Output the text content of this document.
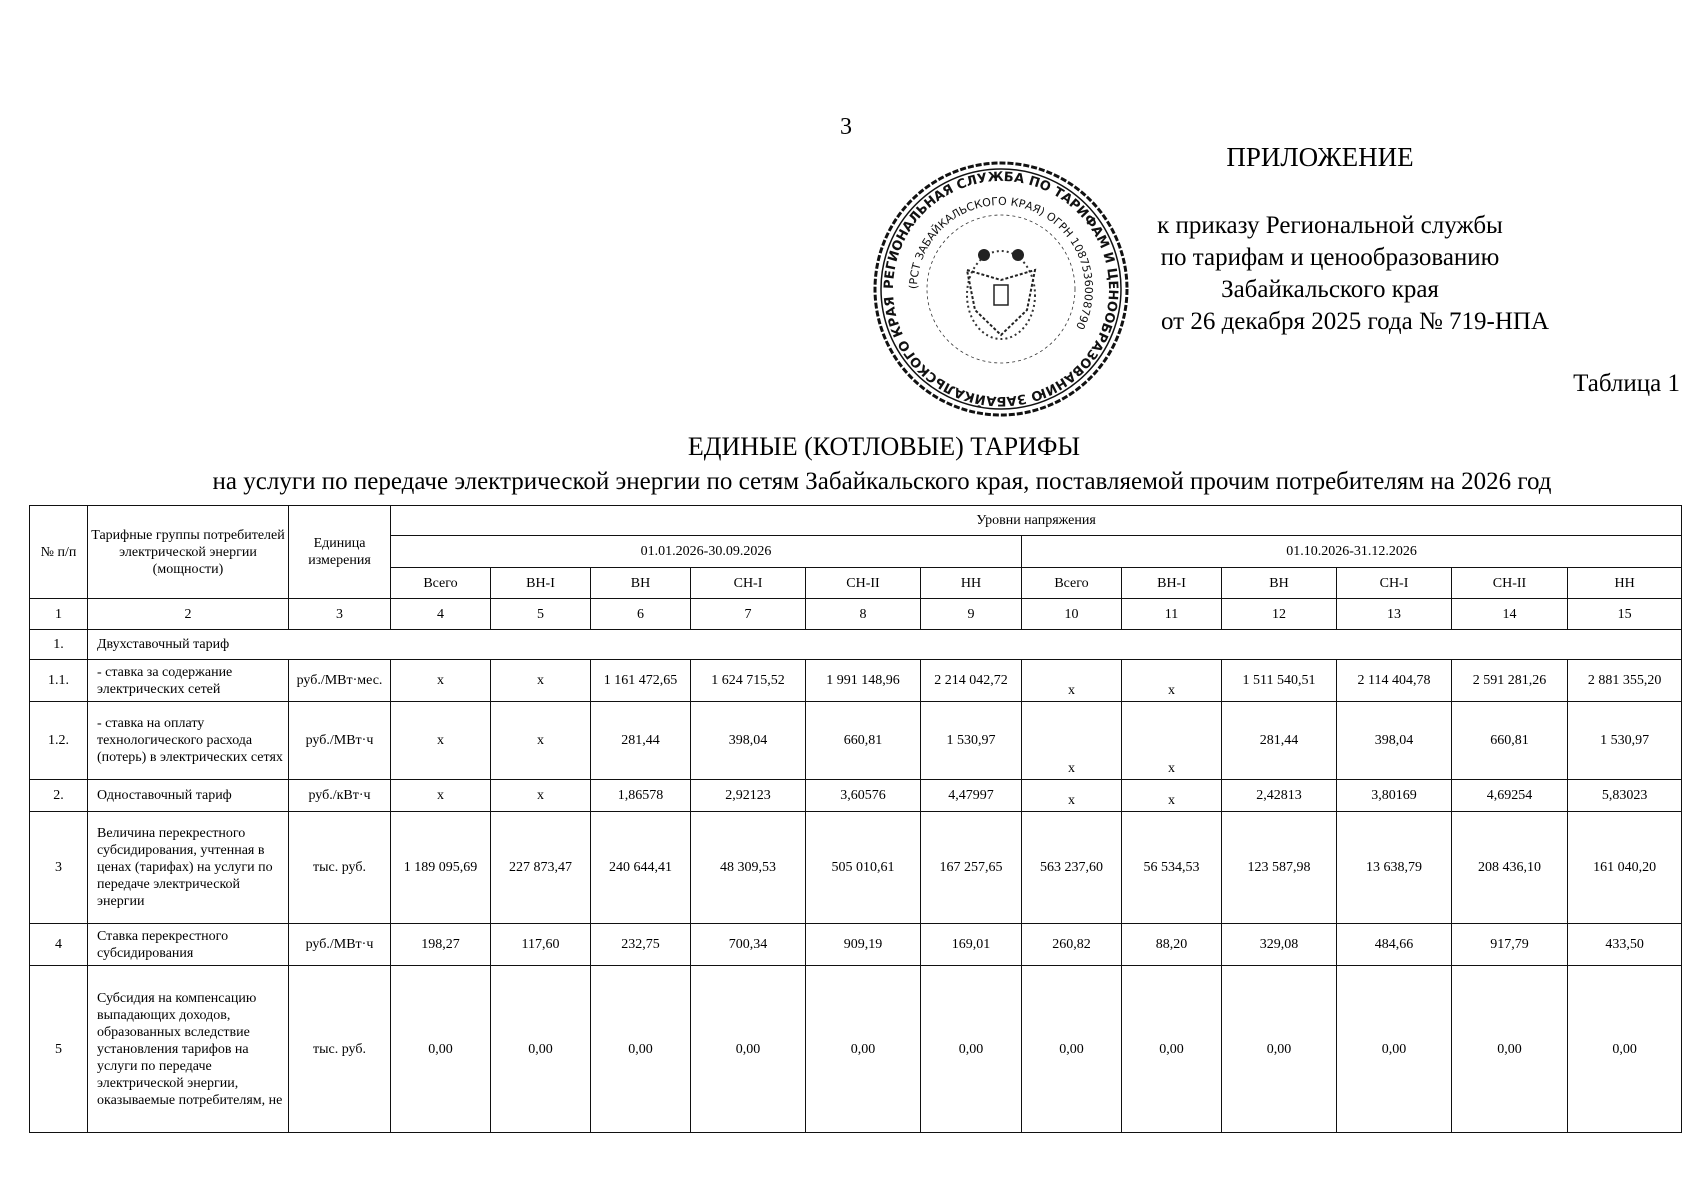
3
ПРИЛОЖЕНИЕ
к приказу Региональной службы
по тарифам и ценообразованию
Забайкальского края
от 26 декабря 2025 года № 719-НПА
Таблица 1
РЕГИОНАЛЬНАЯ СЛУЖБА ПО ТАРИФАМ И ЦЕНООБРАЗОВАНИЮ ЗАБАЙКАЛЬСКОГО КРАЯ
(РСТ ЗАБАЙКАЛЬСКОГО КРАЯ) ОГРН 1087536008790
ЕДИНЫЕ (КОТЛОВЫЕ) ТАРИФЫ
на услуги по передаче электрической энергии по сетям Забайкальского края, поставляемой прочим потребителям на 2026 год
№ п/п	Тарифные группы потребителей электрической энергии (мощности)	Единица измерения	Уровни напряжения											
			01.01.2026-30.09.2026						01.10.2026-31.12.2026					
			Всего	ВН-I	ВН	СН-I	СН-II	НН	Всего	ВН-I	ВН	СН-I	СН-II	НН
1	2	3	4	5	6	7	8	9	10	11	12	13	14	15
1.	Двухставочный тариф													
1.1.	- ставка за содержание электрических сетей	руб./МВт·мес.	х	х	1 161 472,65	1 624 715,52	1 991 148,96	2 214 042,72	х	х	1 511 540,51	2 114 404,78	2 591 281,26	2 881 355,20
1.2.	- ставка на оплату технологического расхода (потерь) в электрических сетях	руб./МВт·ч	х	х	281,44	398,04	660,81	1 530,97	х	х	281,44	398,04	660,81	1 530,97
2.	Одноставочный тариф	руб./кВт·ч	х	х	1,86578	2,92123	3,60576	4,47997	х	х	2,42813	3,80169	4,69254	5,83023
3	Величина перекрестного субсидирования, учтенная в ценах (тарифах) на услуги по передаче электрической энергии	тыс. руб.	1 189 095,69	227 873,47	240 644,41	48 309,53	505 010,61	167 257,65	563 237,60	56 534,53	123 587,98	13 638,79	208 436,10	161 040,20
4	Ставка перекрестного субсидирования	руб./МВт·ч	198,27	117,60	232,75	700,34	909,19	169,01	260,82	88,20	329,08	484,66	917,79	433,50
5	Субсидия на компенсацию выпадающих доходов, образованных вследствие установления тарифов на услуги по передаче электрической энергии, оказываемые потребителям, не	тыс. руб.	0,00	0,00	0,00	0,00	0,00	0,00	0,00	0,00	0,00	0,00	0,00	0,00
